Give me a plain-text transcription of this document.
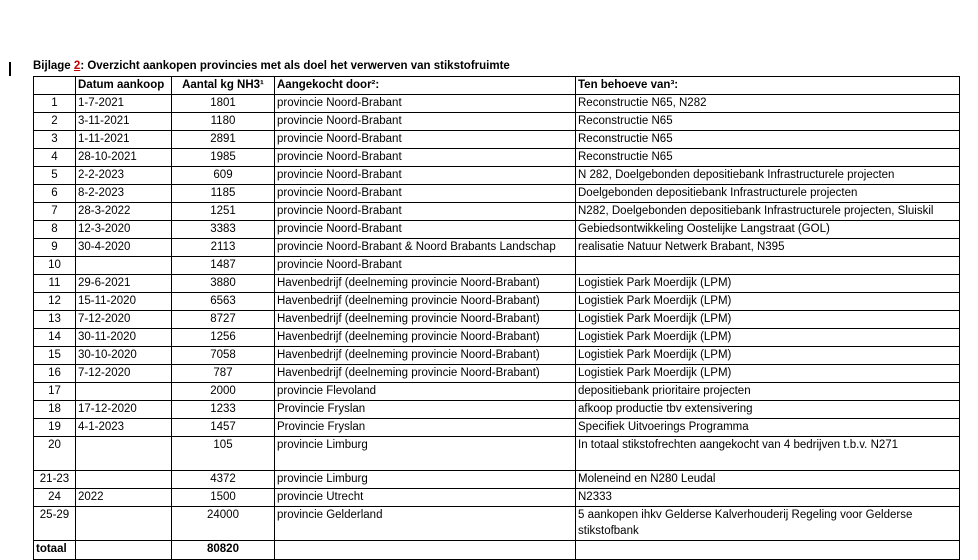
Bijlage 2: Overzicht aankopen provincies met als doel het verwerven van stikstofruimte
	Datum aankoop	Aantal kg NH3¹	Aangekocht door²:	Ten behoeve van³:
1	1-7-2021	1801	provincie Noord-Brabant	Reconstructie N65, N282
2	3-11-2021	1180	provincie Noord-Brabant	Reconstructie N65
3	1-11-2021	2891	provincie Noord-Brabant	Reconstructie N65
4	28-10-2021	1985	provincie Noord-Brabant	Reconstructie N65
5	2-2-2023	609	provincie Noord-Brabant	N 282, Doelgebonden depositiebank Infrastructurele projecten
6	8-2-2023	1185	provincie Noord-Brabant	Doelgebonden depositiebank Infrastructurele projecten
7	28-3-2022	1251	provincie Noord-Brabant	N282, Doelgebonden depositiebank Infrastructurele projecten, Sluiskil
8	12-3-2020	3383	provincie Noord-Brabant	Gebiedsontwikkeling Oostelijke Langstraat (GOL)
9	30-4-2020	2113	provincie Noord-Brabant & Noord Brabants Landschap	realisatie Natuur Netwerk Brabant, N395
10		1487	provincie Noord-Brabant	
11	29-6-2021	3880	Havenbedrijf (deelneming provincie Noord-Brabant)	Logistiek Park Moerdijk (LPM)
12	15-11-2020	6563	Havenbedrijf (deelneming provincie Noord-Brabant)	Logistiek Park Moerdijk (LPM)
13	7-12-2020	8727	Havenbedrijf (deelneming provincie Noord-Brabant)	Logistiek Park Moerdijk (LPM)
14	30-11-2020	1256	Havenbedrijf (deelneming provincie Noord-Brabant)	Logistiek Park Moerdijk (LPM)
15	30-10-2020	7058	Havenbedrijf (deelneming provincie Noord-Brabant)	Logistiek Park Moerdijk (LPM)
16	7-12-2020	787	Havenbedrijf (deelneming provincie Noord-Brabant)	Logistiek Park Moerdijk (LPM)
17		2000	provincie Flevoland	depositiebank prioritaire projecten
18	17-12-2020	1233	Provincie Fryslan	afkoop productie tbv extensivering
19	4-1-2023	1457	Provincie Fryslan	Specifiek Uitvoerings Programma
20		105	provincie Limburg	In totaal stikstofrechten aangekocht van 4 bedrijven t.b.v. N271
21-23		4372	provincie Limburg	Moleneind en N280 Leudal
24	2022	1500	provincie Utrecht	N2333
25-29		24000	provincie Gelderland	5 aankopen ihkv Gelderse Kalverhouderij Regeling voor Gelderse stikstofbank
totaal		80820		
